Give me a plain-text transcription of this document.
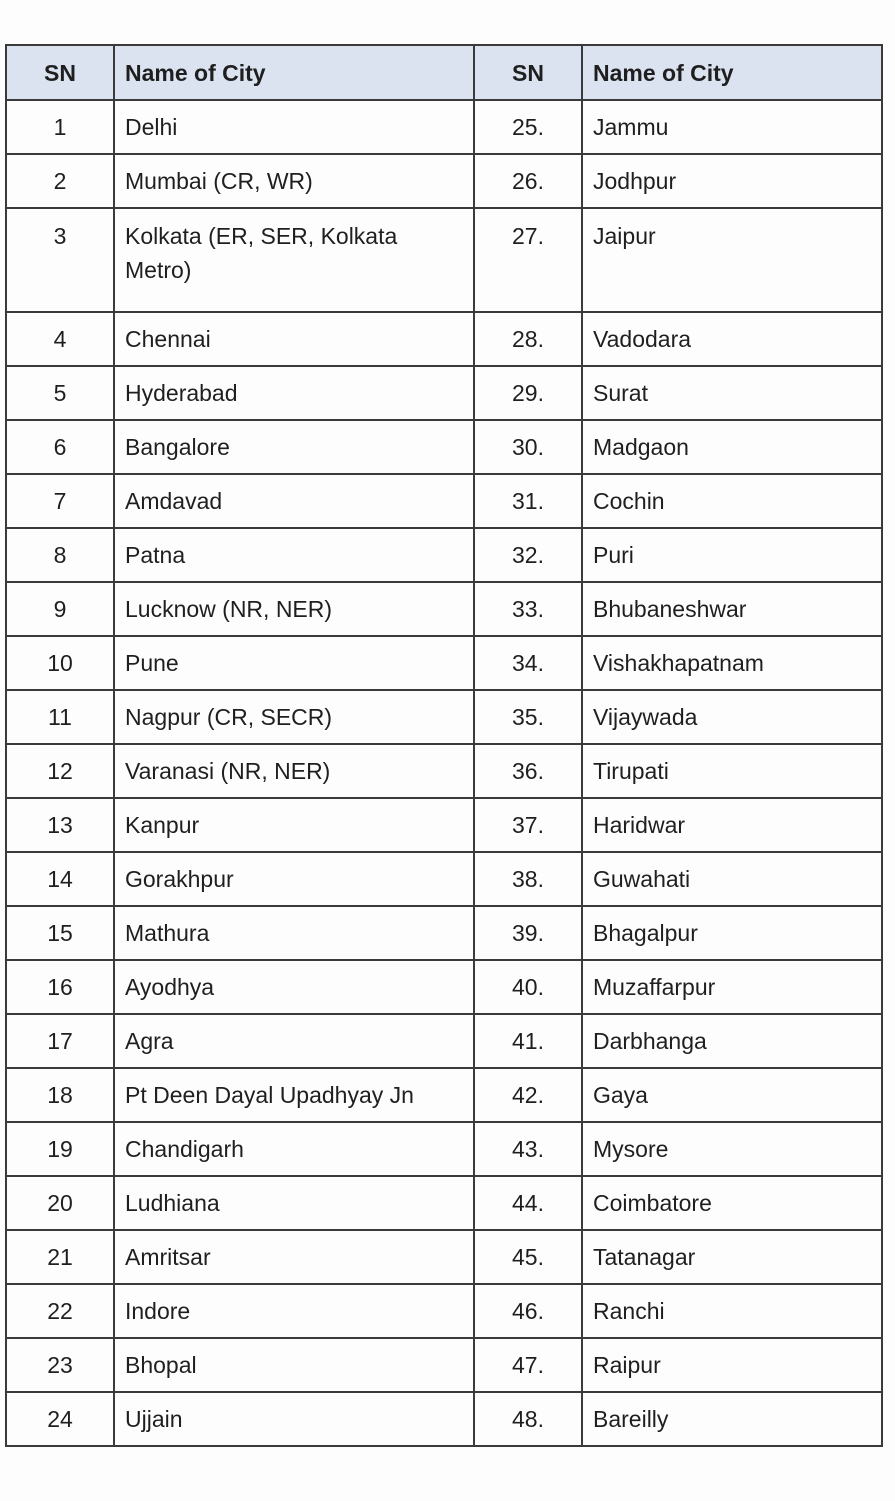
SN	Name of City	SN	Name of City
1	Delhi	25.	Jammu
2	Mumbai (CR, WR)	26.	Jodhpur
3	Kolkata (ER, SER, Kolkata Metro)	27.	Jaipur
4	Chennai	28.	Vadodara
5	Hyderabad	29.	Surat
6	Bangalore	30.	Madgaon
7	Amdavad	31.	Cochin
8	Patna	32.	Puri
9	Lucknow (NR, NER)	33.	Bhubaneshwar
10	Pune	34.	Vishakhapatnam
11	Nagpur (CR, SECR)	35.	Vijaywada
12	Varanasi (NR, NER)	36.	Tirupati
13	Kanpur	37.	Haridwar
14	Gorakhpur	38.	Guwahati
15	Mathura	39.	Bhagalpur
16	Ayodhya	40.	Muzaffarpur
17	Agra	41.	Darbhanga
18	Pt Deen Dayal Upadhyay Jn	42.	Gaya
19	Chandigarh	43.	Mysore
20	Ludhiana	44.	Coimbatore
21	Amritsar	45.	Tatanagar
22	Indore	46.	Ranchi
23	Bhopal	47.	Raipur
24	Ujjain	48.	Bareilly
